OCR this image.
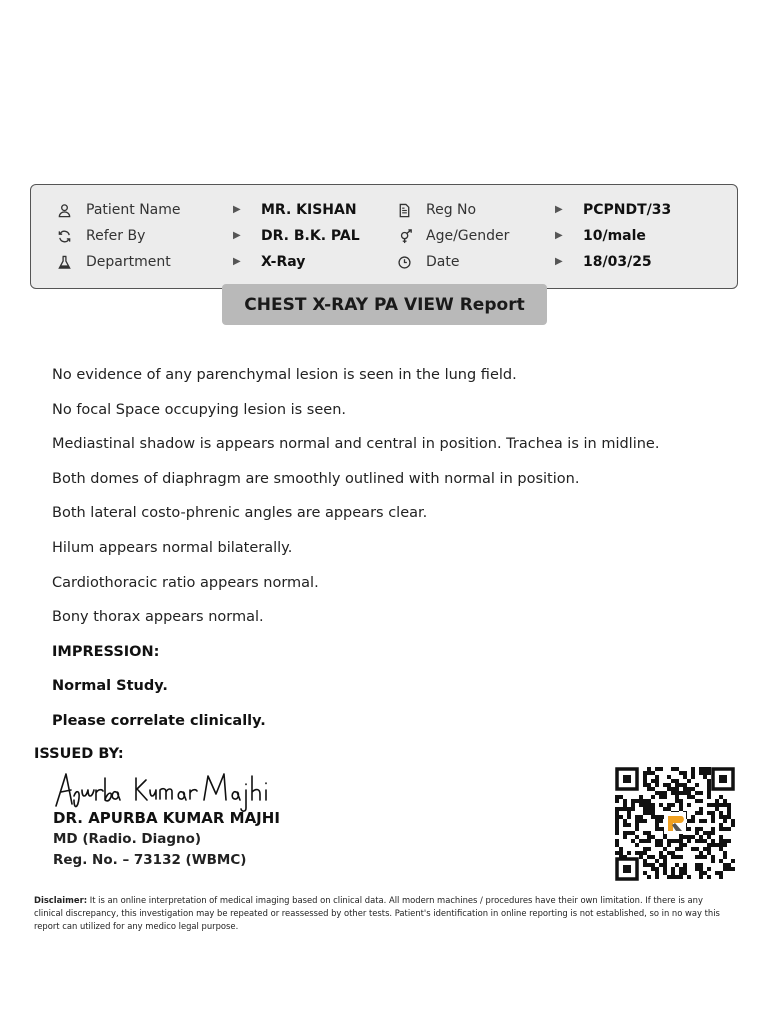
Patient Name	▶ MR. KISHAN	Reg No	▶ PCPNDT/33
Refer By	▶ DR. B.K. PAL	Age/Gender	▶ 10/male
Department	▶ X-Ray	Date	▶ 18/03/25
CHEST X-RAY PA VIEW Report

No evidence of any parenchymal lesion is seen in the lung field.

No focal Space occupying lesion is seen.

Mediastinal shadow is appears normal and central in position. Trachea is in midline.

Both domes of diaphragm are smoothly outlined with normal in position.

Both lateral costo-phrenic angles are appears clear.

Hilum appears normal bilaterally.

Cardiothoracic ratio appears normal.

Bony thorax appears normal.

IMPRESSION:

Normal Study.

Please correlate clinically.

ISSUED BY:
DR. APURBA KUMAR MAJHI
MD (Radio. Diagno)
Reg. No. – 73132 (WBMC)
Disclaimer: It is an online interpretation of medical imaging based on clinical data. All modern machines / procedures have their own limitation. If there is any clinical discrepancy, this investigation may be repeated or reassessed by other tests. Patient's identification in online reporting is not established, so in no way this report can utilized for any medico legal purpose.
